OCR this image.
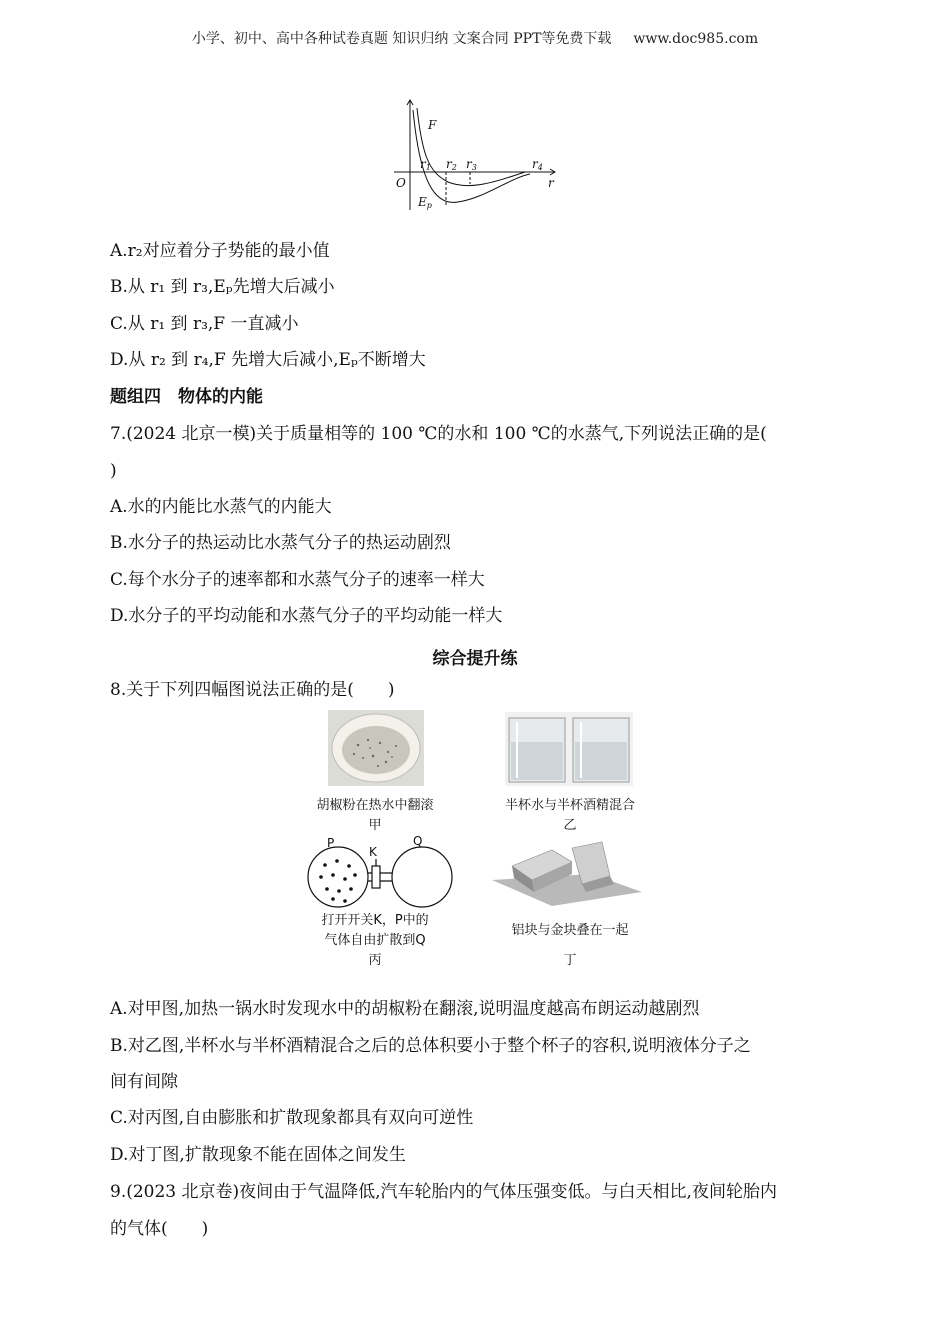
小学、初中、高中各种试卷真题 知识归纳 文案合同 PPT等免费下载 www.doc985.com
F
r1 r2 r3	r4
O	r
Ep
A.r₂对应着分子势能的最小值
B.从 r₁ 到 r₃,Eₚ先增大后减小
C.从 r₁ 到 r₃,F 一直减小
D.从 r₂ 到 r₄,F 先增大后减小,Eₚ不断增大
题组四　物体的内能
7.(2024 北京一模)关于质量相等的 100 ℃的水和 100 ℃的水蒸气,下列说法正确的是(
)
A.水的内能比水蒸气的内能大
B.水分子的热运动比水蒸气分子的热运动剧烈
C.每个水分子的速率都和水蒸气分子的速率一样大
D.水分子的平均动能和水蒸气分子的平均动能一样大
综合提升练
8.关于下列四幅图说法正确的是(　　)
胡椒粉在热水中翻滚
甲
半杯水与半杯酒精混合
乙
P
K
Q
打开开关K，P中的
气体自由扩散到Q
丙
铝块与金块叠在一起
丁
A.对甲图,加热一锅水时发现水中的胡椒粉在翻滚,说明温度越高布朗运动越剧烈
B.对乙图,半杯水与半杯酒精混合之后的总体积要小于整个杯子的容积,说明液体分子之
间有间隙
C.对丙图,自由膨胀和扩散现象都具有双向可逆性
D.对丁图,扩散现象不能在固体之间发生
9.(2023 北京卷)夜间由于气温降低,汽车轮胎内的气体压强变低。与白天相比,夜间轮胎内
的气体(　　)
